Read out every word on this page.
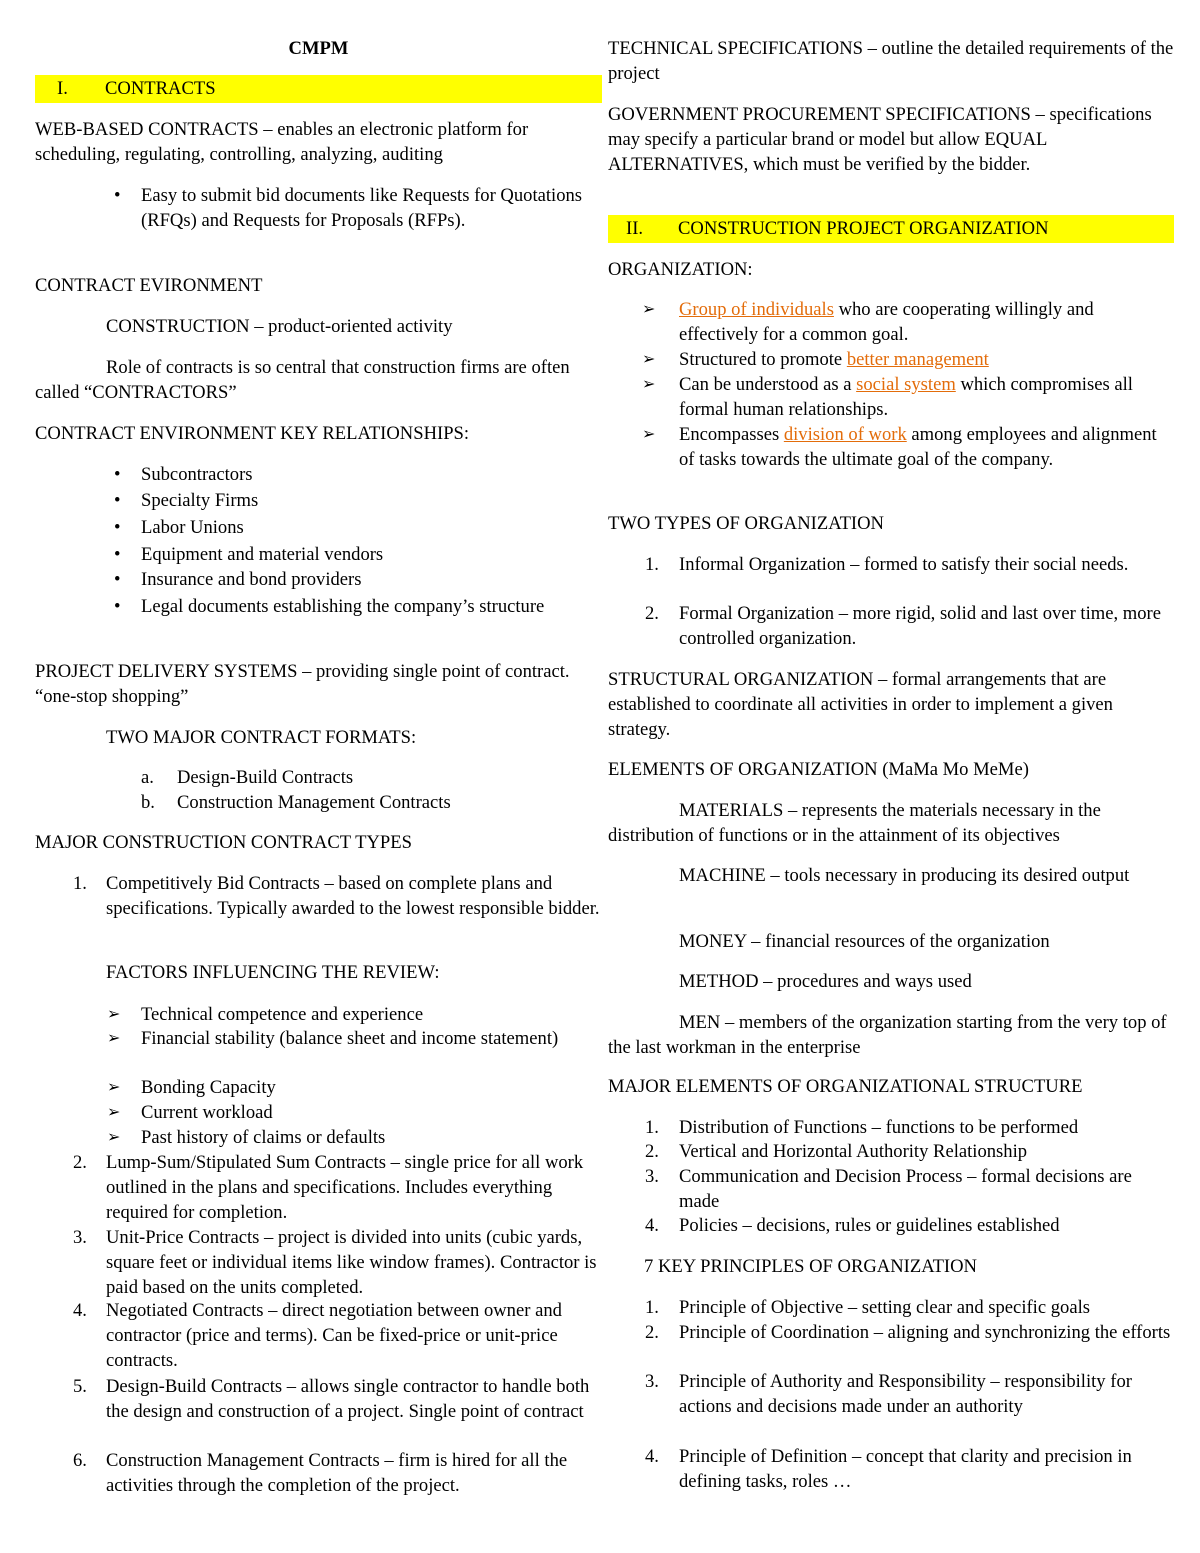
CMPM
I. CONTRACTS
WEB-BASED CONTRACTS – enables an electronic platform for scheduling, regulating, controlling, analyzing, auditing
• Easy to submit bid documents like Requests for Quotations (RFQs) and Requests for Proposals (RFPs).
CONTRACT EVIRONMENT
CONSTRUCTION – product-oriented activity
Role of contracts is so central that construction firms are often called “CONTRACTORS”
CONTRACT ENVIRONMENT KEY RELATIONSHIPS:
• Subcontractors
• Specialty Firms
• Labor Unions
• Equipment and material vendors
• Insurance and bond providers
• Legal documents establishing the company’s structure
PROJECT DELIVERY SYSTEMS – providing single point of contract. “one-stop shopping”
TWO MAJOR CONTRACT FORMATS:
a. Design-Build Contracts
b. Construction Management Contracts
MAJOR CONSTRUCTION CONTRACT TYPES
1. Competitively Bid Contracts – based on complete plans and specifications. Typically awarded to the lowest responsible bidder.
FACTORS INFLUENCING THE REVIEW:
➢ Technical competence and experience
➢ Financial stability (balance sheet and income statement)
➢ Bonding Capacity
➢ Current workload
➢ Past history of claims or defaults
2. Lump-Sum/Stipulated Sum Contracts – single price for all work outlined in the plans and specifications. Includes everything required for completion.
3. Unit-Price Contracts – project is divided into units (cubic yards, square feet or individual items like window frames). Contractor is paid based on the units completed.
4. Negotiated Contracts – direct negotiation between owner and contractor (price and terms). Can be fixed-price or unit-price contracts.
5. Design-Build Contracts – allows single contractor to handle both the design and construction of a project. Single point of contract
6. Construction Management Contracts – firm is hired for all the activities through the completion of the project.
TECHNICAL SPECIFICATIONS – outline the detailed requirements of the project
GOVERNMENT PROCUREMENT SPECIFICATIONS – specifications may specify a particular brand or model but allow EQUAL ALTERNATIVES, which must be verified by the bidder.
II. CONSTRUCTION PROJECT ORGANIZATION
ORGANIZATION:
➢ Group of individuals who are cooperating willingly and effectively for a common goal.
➢ Structured to promote better management
➢ Can be understood as a social system which compromises all formal human relationships.
➢ Encompasses division of work among employees and alignment of tasks towards the ultimate goal of the company.
TWO TYPES OF ORGANIZATION
1. Informal Organization – formed to satisfy their social needs.
2. Formal Organization – more rigid, solid and last over time, more controlled organization.
STRUCTURAL ORGANIZATION – formal arrangements that are established to coordinate all activities in order to implement a given strategy.
ELEMENTS OF ORGANIZATION (MaMa Mo MeMe)
MATERIALS – represents the materials necessary in the distribution of functions or in the attainment of its objectives
MACHINE – tools necessary in producing its desired output
MONEY – financial resources of the organization
METHOD – procedures and ways used
MEN – members of the organization starting from the very top of the last workman in the enterprise
MAJOR ELEMENTS OF ORGANIZATIONAL STRUCTURE
1. Distribution of Functions – functions to be performed
2. Vertical and Horizontal Authority Relationship
3. Communication and Decision Process – formal decisions are made
4. Policies – decisions, rules or guidelines established
7 KEY PRINCIPLES OF ORGANIZATION
1. Principle of Objective – setting clear and specific goals
2. Principle of Coordination – aligning and synchronizing the efforts
3. Principle of Authority and Responsibility – responsibility for actions and decisions made under an authority
4. Principle of Definition – concept that clarity and precision in defining tasks, roles …
